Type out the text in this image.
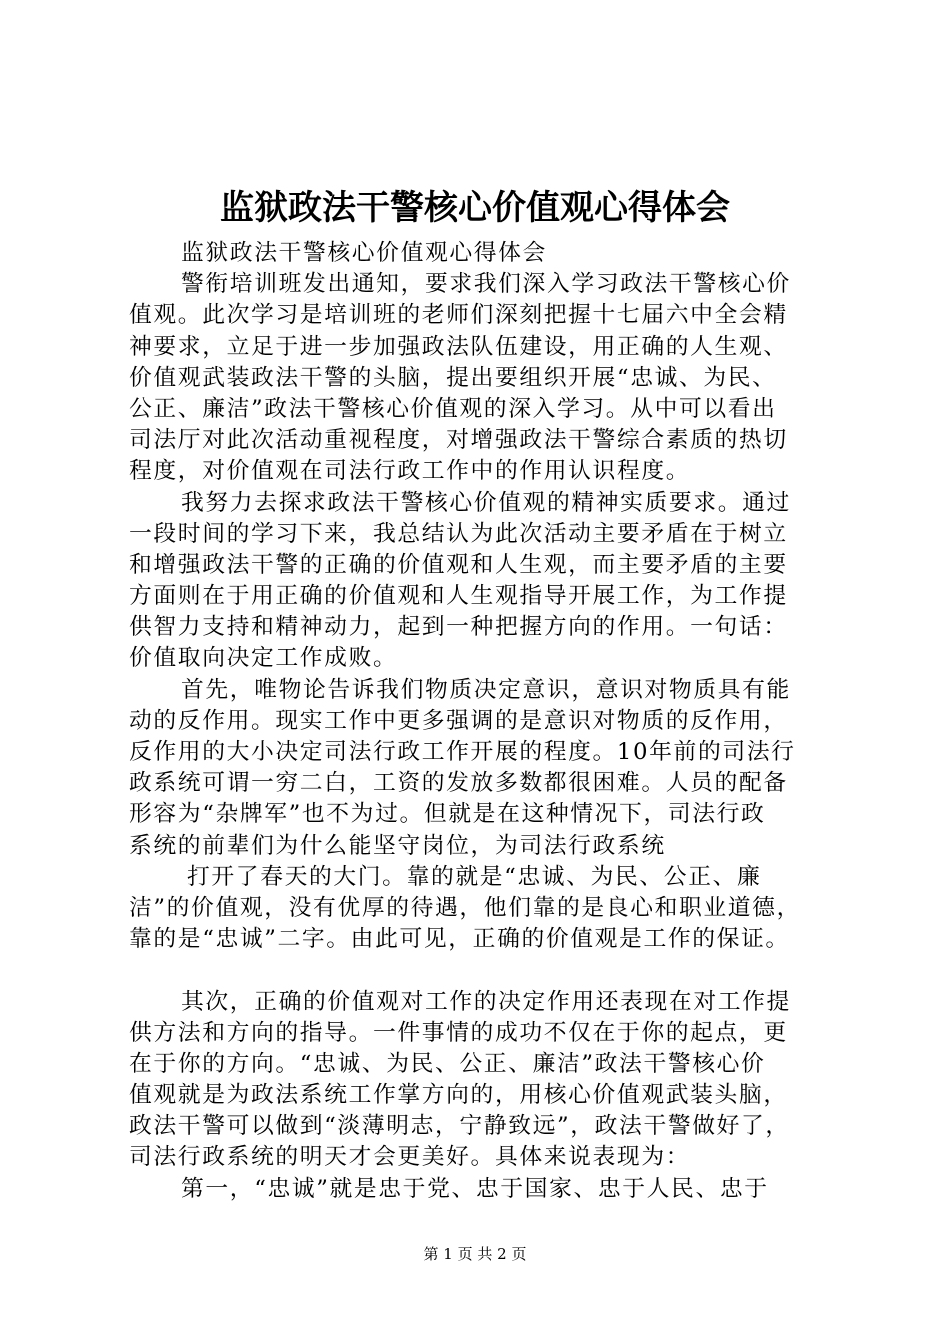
监狱政法干警核心价值观心得体会
监狱政法干警核心价值观心得体会
警衔培训班发出通知，要求我们深入学习政法干警核心价
值观。此次学习是培训班的老师们深刻把握十七届六中全会精
神要求，立足于进一步加强政法队伍建设，用正确的人生观、
价值观武装政法干警的头脑，提出要组织开展“忠诚、为民、
公正、廉洁”政法干警核心价值观的深入学习。从中可以看出
司法厅对此次活动重视程度，对增强政法干警综合素质的热切
程度，对价值观在司法行政工作中的作用认识程度。
我努力去探求政法干警核心价值观的精神实质要求。通过
一段时间的学习下来，我总结认为此次活动主要矛盾在于树立
和增强政法干警的正确的价值观和人生观，而主要矛盾的主要
方面则在于用正确的价值观和人生观指导开展工作，为工作提
供智力支持和精神动力，起到一种把握方向的作用。一句话：
价值取向决定工作成败。
首先，唯物论告诉我们物质决定意识，意识对物质具有能
动的反作用。现实工作中更多强调的是意识对物质的反作用，
反作用的大小决定司法行政工作开展的程度。10年前的司法行
政系统可谓一穷二白，工资的发放多数都很困难。人员的配备
形容为“杂牌军”也不为过。但就是在这种情况下，司法行政
系统的前辈们为什么能坚守岗位，为司法行政系统
打开了春天的大门。靠的就是“忠诚、为民、公正、廉
洁”的价值观，没有优厚的待遇，他们靠的是良心和职业道德，
靠的是“忠诚”二字。由此可见，正确的价值观是工作的保证。
其次，正确的价值观对工作的决定作用还表现在对工作提
供方法和方向的指导。一件事情的成功不仅在于你的起点，更
在于你的方向。“忠诚、为民、公正、廉洁”政法干警核心价
值观就是为政法系统工作掌方向的，用核心价值观武装头脑，
政法干警可以做到“淡薄明志，宁静致远”，政法干警做好了，
司法行政系统的明天才会更美好。具体来说表现为：
第一，“忠诚”就是忠于党、忠于国家、忠于人民、忠于
第 1 页 共 2 页
